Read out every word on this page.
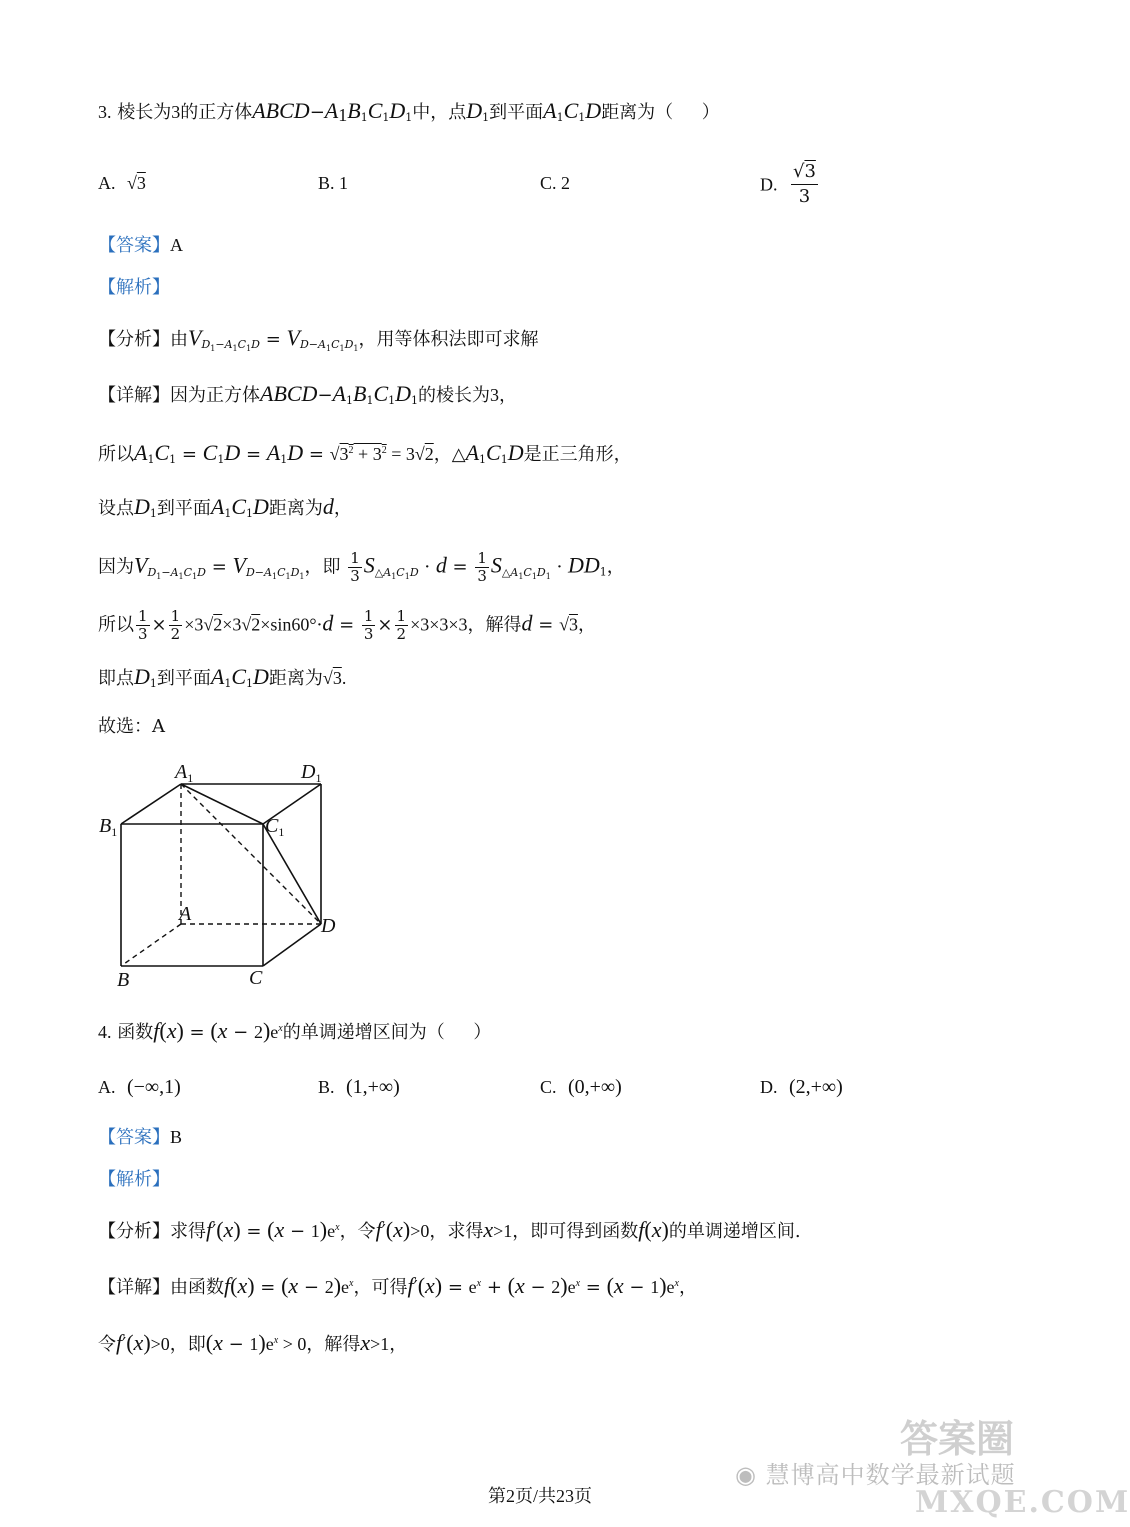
3. 棱长为3的正方体$ABCD-A_1B_1C_1D_1$中，点$D_1$到平面$A_1C_1D$距离为（     ）
A. √3	B. 1	C. 2	D. $\frac{√3}{3}$
【答案】A
【解析】
【分析】由$V_{D_1-A_1C_1D} = V_{D-A_1C_1D_1}$，用等体积法即可求解
【详解】因为正方体$ABCD-A_1B_1C_1D_1$的棱长为3，
所以$A_1C_1 = C_1D = A_1D = √3^2 + 3^2 = 3√2$，$\triangle A_1C_1D$是正三角形，
设点$D_1$到平面$A_1C_1D$距离为d，
因为$V_{D_1-A_1C_1D} = V_{D-A_1C_1D_1}$，即 $\frac{1}{3} S_{\triangle A_1C_1D} \cdot d = \frac{1}{3} S_{\triangle A_1C_1D_1} \cdot DD_1$，
所以 $\frac{1}{3} \times \frac{1}{2} \times 3√2\times 3√2\times\sin 60^\circ\cdot d = \frac{1}{3} \times \frac{1}{2} \times 3\times 3\times 3$，解得d = √3，
即点$D_1$到平面$A_1C_1D$距离为√3.
故选：A
$A_1$	$D_1$
$B_1$	$C_1$
A
D
B	C
4. 函数$f(x) = (x - 2)e^x$的单调递增区间为（     ）
A. (−∞,1)	B. (1,+∞)	C. (0,+∞)	D. (2,+∞)
【答案】B
【解析】
【分析】求得$f'(x) = (x - 1)e^x$，令f′(x)>0，求得x>1，即可得到函数f(x)的单调递增区间.
【详解】由函数$f(x) = (x - 2)e^x$，可得$f'(x) = e^x + (x - 2)e^x = (x - 1)e^x$，
令f′(x)>0，即$(x - 1)e^x > 0$，解得x>1，
答案圈
◉ 慧博高中数学最新试题
MXQE.COM
第2页/共23页
